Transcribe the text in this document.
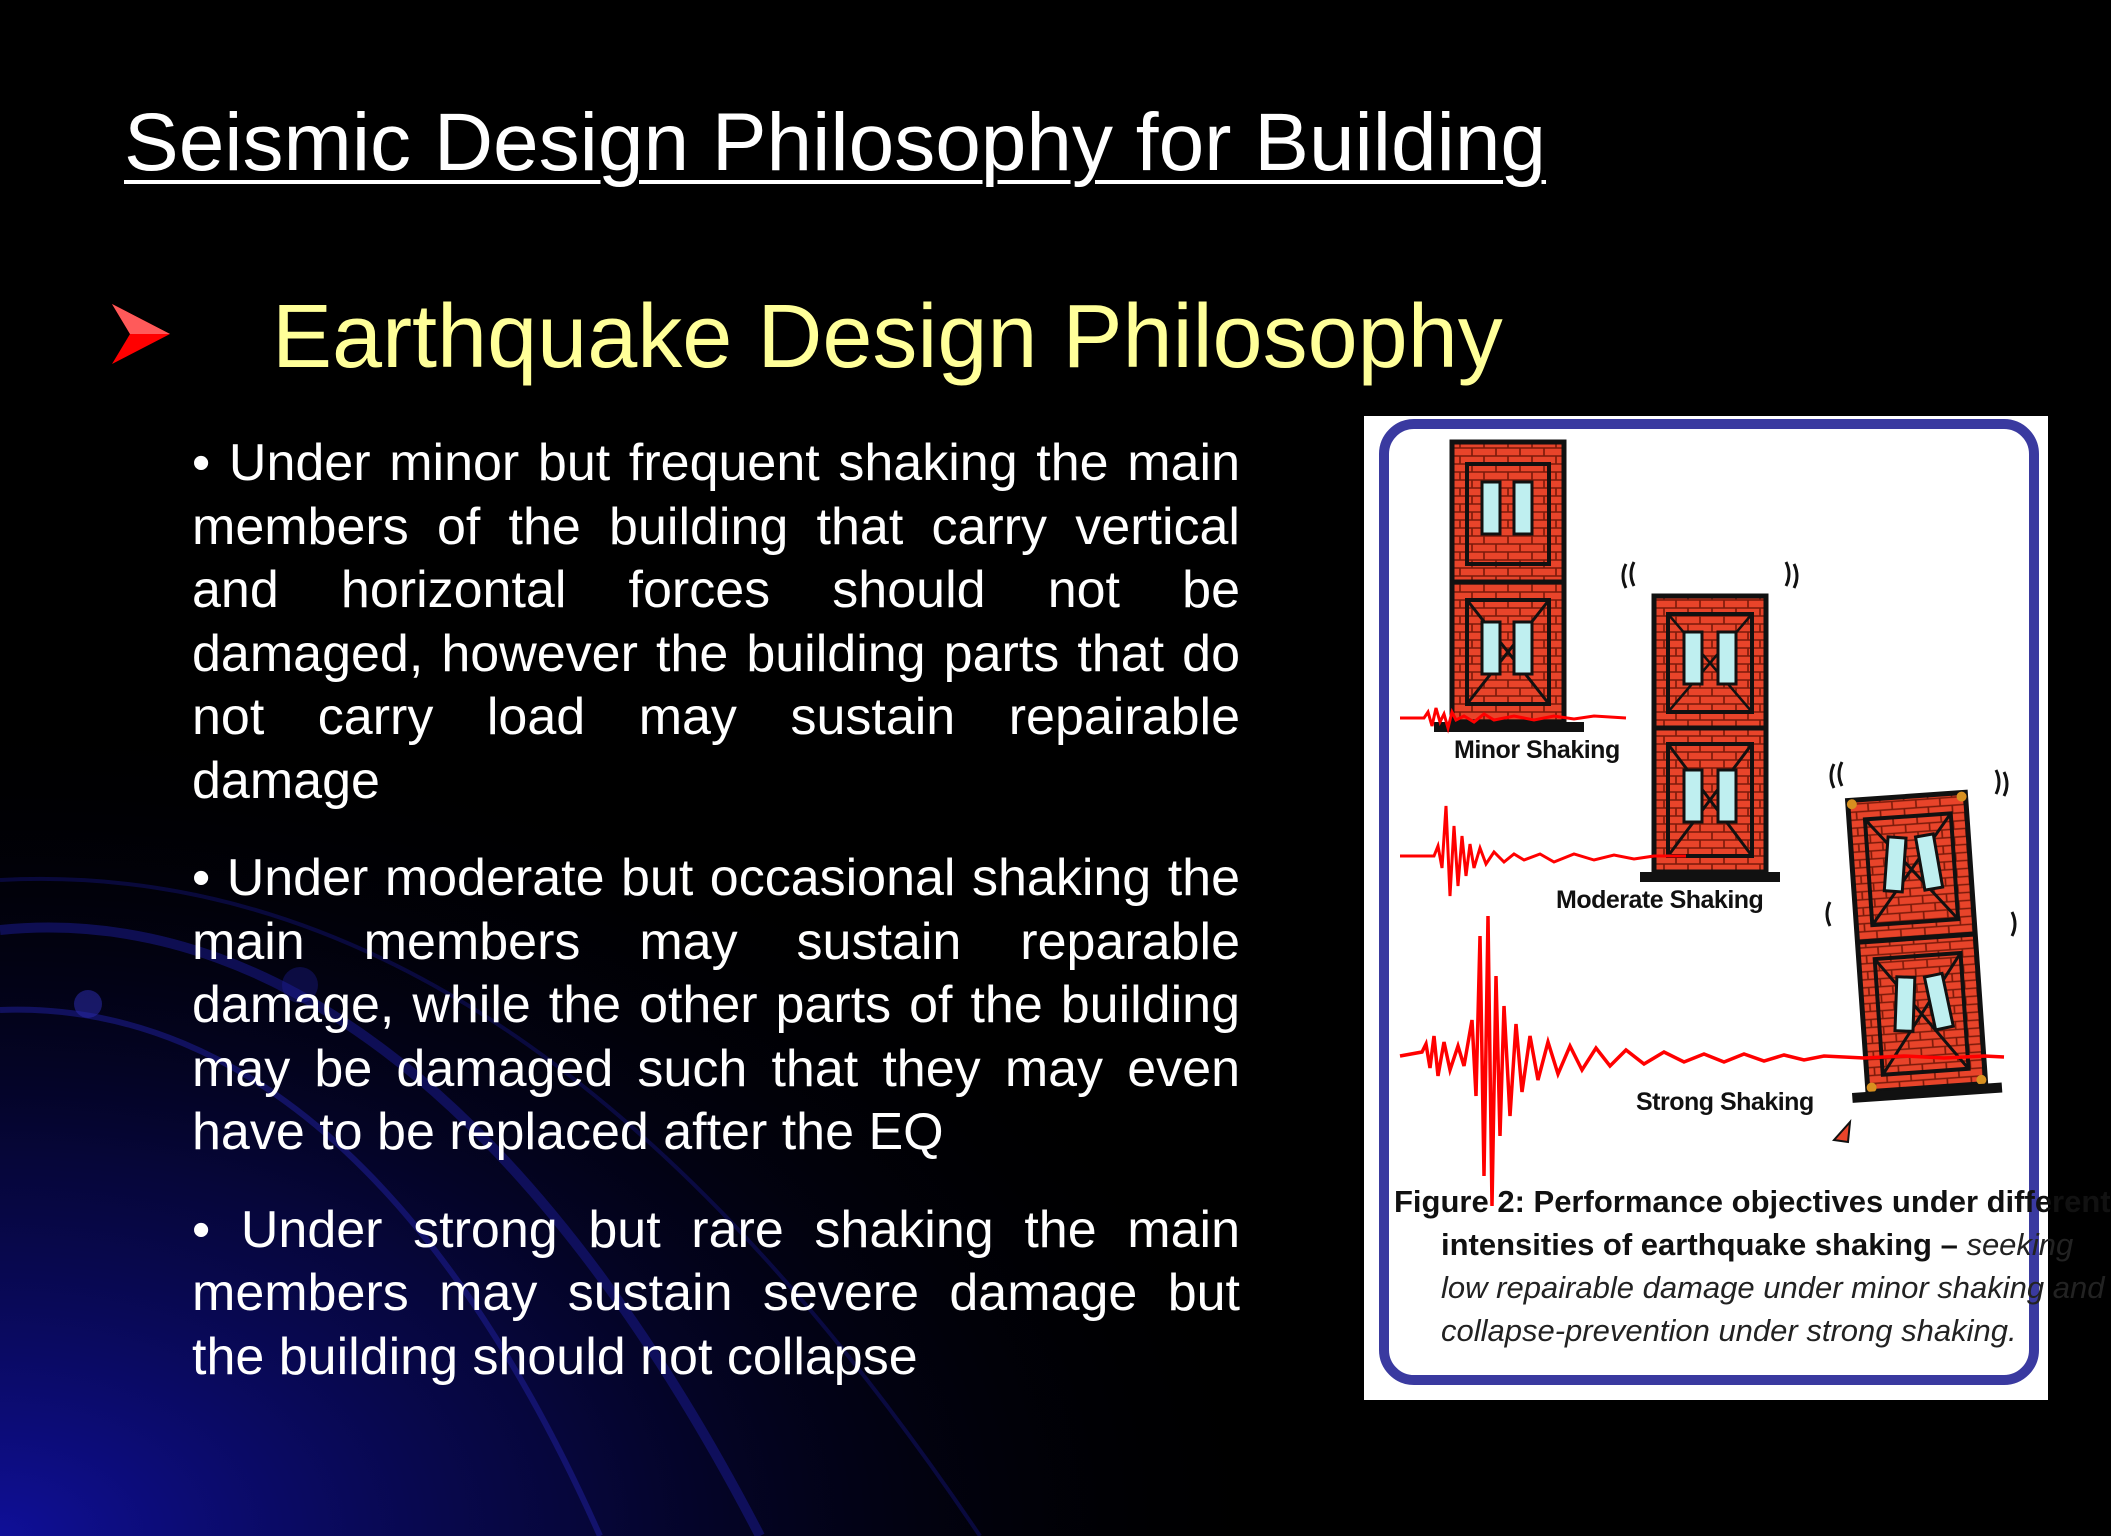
Seismic Design Philosophy for Building
Earthquake Design Philosophy

• Under minor but frequent shaking the main members of the building that carry vertical and horizontal forces should not be damaged, however the building parts that do not carry load may sustain repairable damage

• Under moderate but occasional shaking the main members may sustain reparable damage, while the other parts of the building may be damaged such that they may even have to be replaced after the EQ

• Under strong but rare shaking the main members may sustain severe damage but the building should not collapse

Minor Shaking
Moderate Shaking
Strong Shaking
Figure 2: Performance objectives under different
intensities of earthquake shaking – seeking
low repairable damage under minor shaking and
collapse-prevention under strong shaking.
